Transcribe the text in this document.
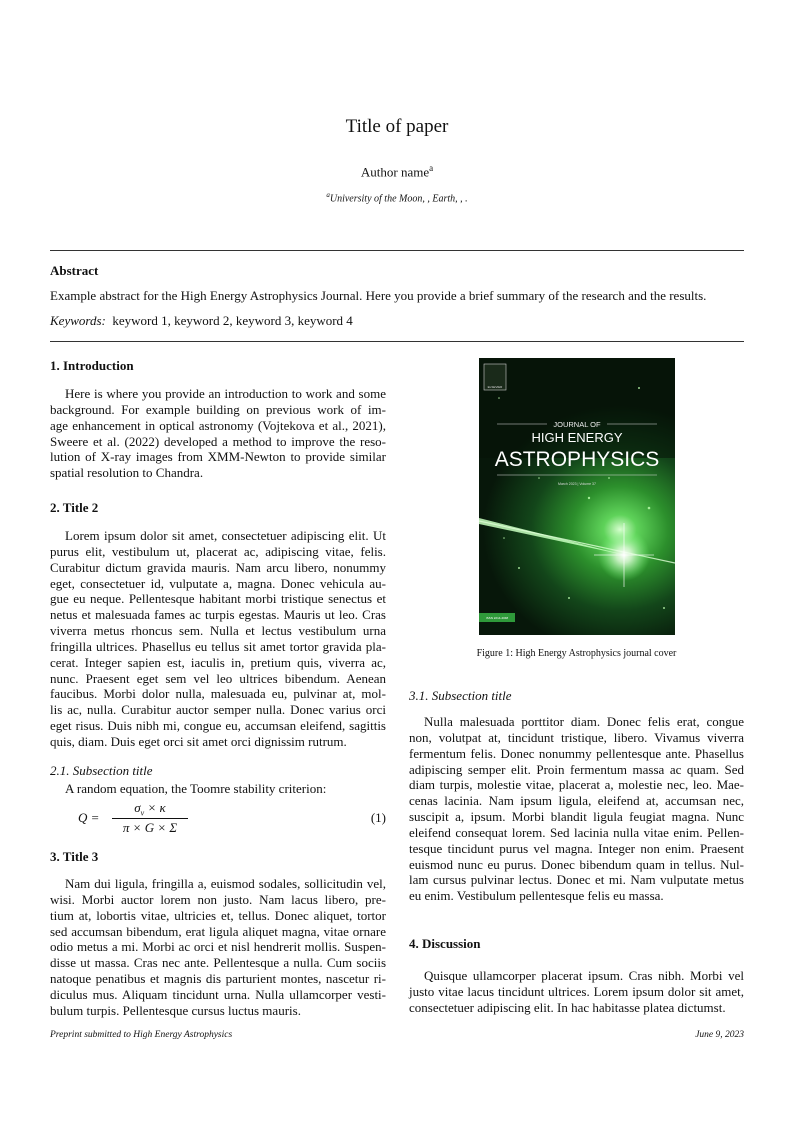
Title of paper
Author name$^a$
$^a$University of the Moon, , Earth, , .
Abstract
Example abstract for the High Energy Astrophysics Journal. Here you provide a brief summary of the research and the results.
Keywords: keyword 1, keyword 2, keyword 3, keyword 4
1. Introduction
Here is where you provide an introduction to work and some
background. For example building on previous work of im-
age enhancement in optical astronomy (Vojtekova et al., 2021),
Sweere et al. (2022) developed a method to improve the reso-
lution of X-ray images from XMM-Newton to provide similar
spatial resolution to Chandra.
2. Title 2
Lorem ipsum dolor sit amet, consectetuer adipiscing elit. Ut
purus elit, vestibulum ut, placerat ac, adipiscing vitae, felis.
Curabitur dictum gravida mauris. Nam arcu libero, nonummy
eget, consectetuer id, vulputate a, magna. Donec vehicula au-
gue eu neque. Pellentesque habitant morbi tristique senectus et
netus et malesuada fames ac turpis egestas. Mauris ut leo. Cras
viverra metus rhoncus sem. Nulla et lectus vestibulum urna
fringilla ultrices. Phasellus eu tellus sit amet tortor gravida pla-
cerat. Integer sapien est, iaculis in, pretium quis, viverra ac,
nunc. Praesent eget sem vel leo ultrices bibendum. Aenean
faucibus. Morbi dolor nulla, malesuada eu, pulvinar at, mol-
lis ac, nulla. Curabitur auctor semper nulla. Donec varius orci
eget risus. Duis nibh mi, congue eu, accumsan eleifend, sagittis
quis, diam. Duis eget orci sit amet orci dignissim rutrum.
2.1. Subsection title
A random equation, the Toomre stability criterion:
Q =
$\sigma_v \times \kappa$
π × G × Σ
(1)
3. Title 3
Nam dui ligula, fringilla a, euismod sodales, sollicitudin vel,
wisi. Morbi auctor lorem non justo. Nam lacus libero, pre-
tium at, lobortis vitae, ultricies et, tellus. Donec aliquet, tortor
sed accumsan bibendum, erat ligula aliquet magna, vitae ornare
odio metus a mi. Morbi ac orci et nisl hendrerit mollis. Suspen-
disse ut massa. Cras nec ante. Pellentesque a nulla. Cum sociis
natoque penatibus et magnis dis parturient montes, nascetur ri-
diculus mus. Aliquam tincidunt urna. Nulla ullamcorper vesti-
bulum turpis. Pellentesque cursus luctus mauris.
ELSEVIER
JOURNAL OF
HIGH ENERGY
ASTROPHYSICS
March 2023 | Volume 37
ISSN 2214-4048
Figure 1: High Energy Astrophysics journal cover
3.1. Subsection title
Nulla malesuada porttitor diam. Donec felis erat, congue
non, volutpat at, tincidunt tristique, libero. Vivamus viverra
fermentum felis. Donec nonummy pellentesque ante. Phasellus
adipiscing semper elit. Proin fermentum massa ac quam. Sed
diam turpis, molestie vitae, placerat a, molestie nec, leo. Mae-
cenas lacinia. Nam ipsum ligula, eleifend at, accumsan nec,
suscipit a, ipsum. Morbi blandit ligula feugiat magna. Nunc
eleifend consequat lorem. Sed lacinia nulla vitae enim. Pellen-
tesque tincidunt purus vel magna. Integer non enim. Praesent
euismod nunc eu purus. Donec bibendum quam in tellus. Nul-
lam cursus pulvinar lectus. Donec et mi. Nam vulputate metus
eu enim. Vestibulum pellentesque felis eu massa.
4. Discussion
Quisque ullamcorper placerat ipsum. Cras nibh. Morbi vel
justo vitae lacus tincidunt ultrices. Lorem ipsum dolor sit amet,
consectetuer adipiscing elit. In hac habitasse platea dictumst.
Preprint submitted to High Energy Astrophysics	June 9, 2023
